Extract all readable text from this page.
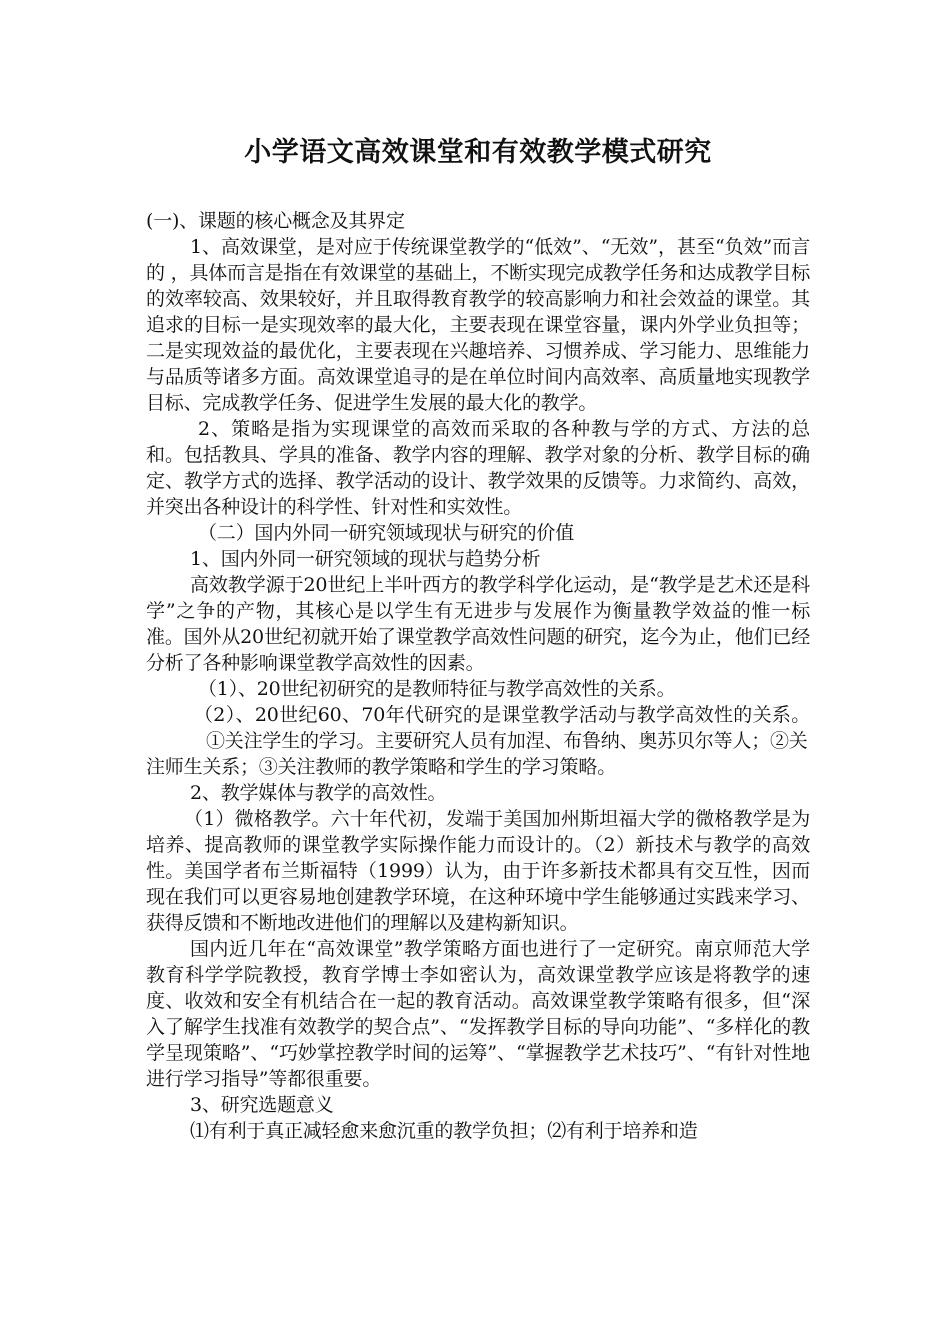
小学语文高效课堂和有效教学模式研究

(一)、课题的核心概念及其界定

1、高效课堂，是对应于传统课堂教学的“低效”、“无效”，甚至“负效”而言的 ，具体而言是指在有效课堂的基础上，不断实现完成教学任务和达成教学目标的效率较高、效果较好，并且取得教育教学的较高影响力和社会效益的课堂。其追求的目标一是实现效率的最大化，主要表现在课堂容量，课内外学业负担等；二是实现效益的最优化，主要表现在兴趣培养、习惯养成、学习能力、思维能力与品质等诸多方面。高效课堂追寻的是在单位时间内高效率、高质量地实现教学目标、完成教学任务、促进学生发展的最大化的教学。

2、策略是指为实现课堂的高效而采取的各种教与学的方式、方法的总和。包括教具、学具的准备、教学内容的理解、教学对象的分析、教学目标的确定、教学方式的选择、教学活动的设计、教学效果的反馈等。力求简约、高效，并突出各种设计的科学性、针对性和实效性。

（二）国内外同一研究领域现状与研究的价值

1、国内外同一研究领域的现状与趋势分析

高效教学源于20世纪上半叶西方的教学科学化运动，是“教学是艺术还是科学”之争的产物，其核心是以学生有无进步与发展作为衡量教学效益的惟一标准。国外从20世纪初就开始了课堂教学高效性问题的研究，迄今为止，他们已经分析了各种影响课堂教学高效性的因素。

（1）、20世纪初研究的是教师特征与教学高效性的关系。

（2）、20世纪60、70年代研究的是课堂教学活动与教学高效性的关系。①关注学生的学习。主要研究人员有加涅、布鲁纳、奥苏贝尔等人；②关

注师生关系；③关注教师的教学策略和学生的学习策略。

2、教学媒体与教学的高效性。

（1）微格教学。六十年代初，发端于美国加州斯坦福大学的微格教学是为培养、提高教师的课堂教学实际操作能力而设计的。（2）新技术与教学的高效性。美国学者布兰斯福特（1999）认为，由于许多新技术都具有交互性，因而现在我们可以更容易地创建教学环境，在这种环境中学生能够通过实践来学习、获得反馈和不断地改进他们的理解以及建构新知识。

国内近几年在“高效课堂”教学策略方面也进行了一定研究。南京师范大学教育科学学院教授，教育学博士李如密认为，高效课堂教学应该是将教学的速度、收效和安全有机结合在一起的教育活动。高效课堂教学策略有很多，但“深入了解学生找准有效教学的契合点”、“发挥教学目标的导向功能”、“多样化的教学呈现策略”、“巧妙掌控教学时间的运筹”、“掌握教学艺术技巧”、“有针对性地进行学习指导”等都很重要。

3、研究选题意义

⑴有利于真正减轻愈来愈沉重的教学负担；⑵有利于培养和造
